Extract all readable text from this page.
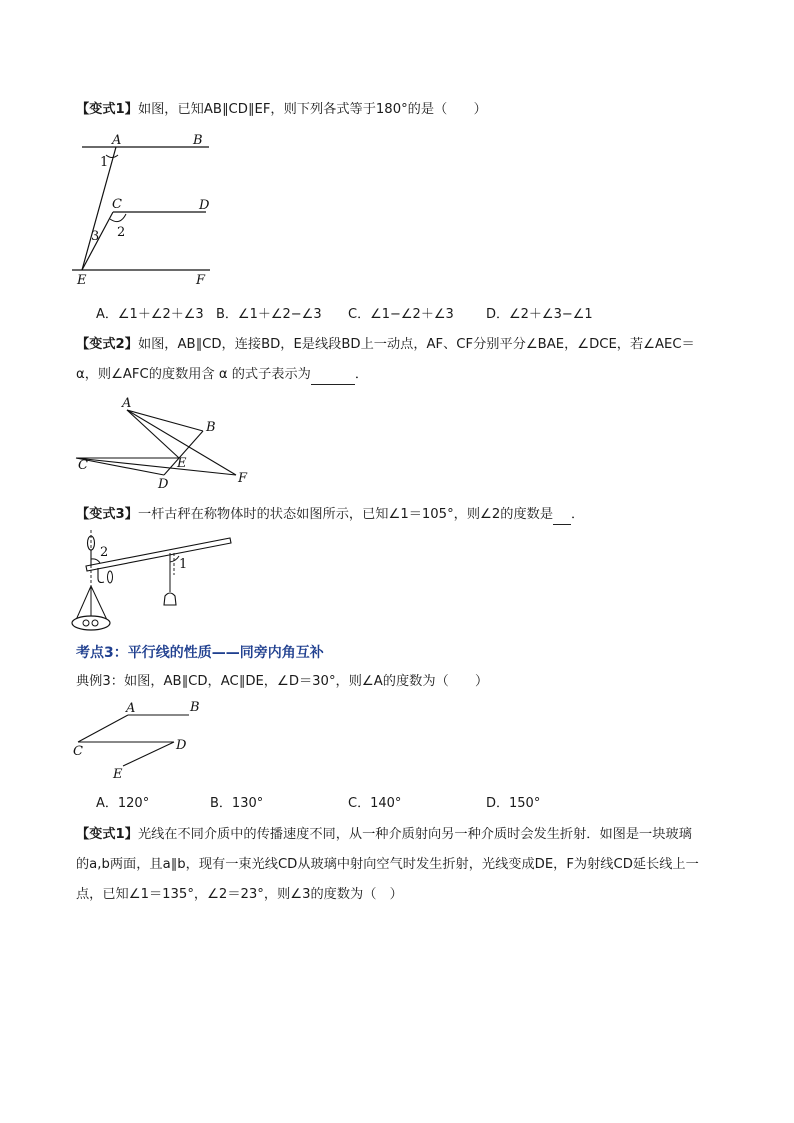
【变式1】如图，已知AB∥CD∥EF，则下列各式等于180°的是（　　）
A	B
C	D
E	F
1
2
3
A．∠1＋∠2＋∠3 B．∠1＋∠2−∠3 C．∠1−∠2＋∠3 D．∠2＋∠3−∠1
【变式2】如图，AB∥CD，连接BD，E是线段BD上一动点，AF、CF分别平分∠BAE，∠DCE，若∠AEC＝
α，则∠AFC的度数用含 α 的式子表示为	．
A
B
C
D
E
F
【变式3】一杆古秤在称物体时的状态如图所示，已知∠1＝105°，则∠2的度数是 ．
2
1
考点3：平行线的性质——同旁内角互补
典例3：如图，AB∥CD，AC∥DE，∠D＝30°，则∠A的度数为（　　）
A	B
C	D
E
A．120°	B．130°	C．140°	D．150°
【变式1】光线在不同介质中的传播速度不同，从一种介质射向另一种介质时会发生折射．如图是一块玻璃
的a,b两面，且a∥b，现有一束光线CD从玻璃中射向空气时发生折射，光线变成DE，F为射线CD延长线上一
点，已知∠1＝135°，∠2＝23°，则∠3的度数为（　）
